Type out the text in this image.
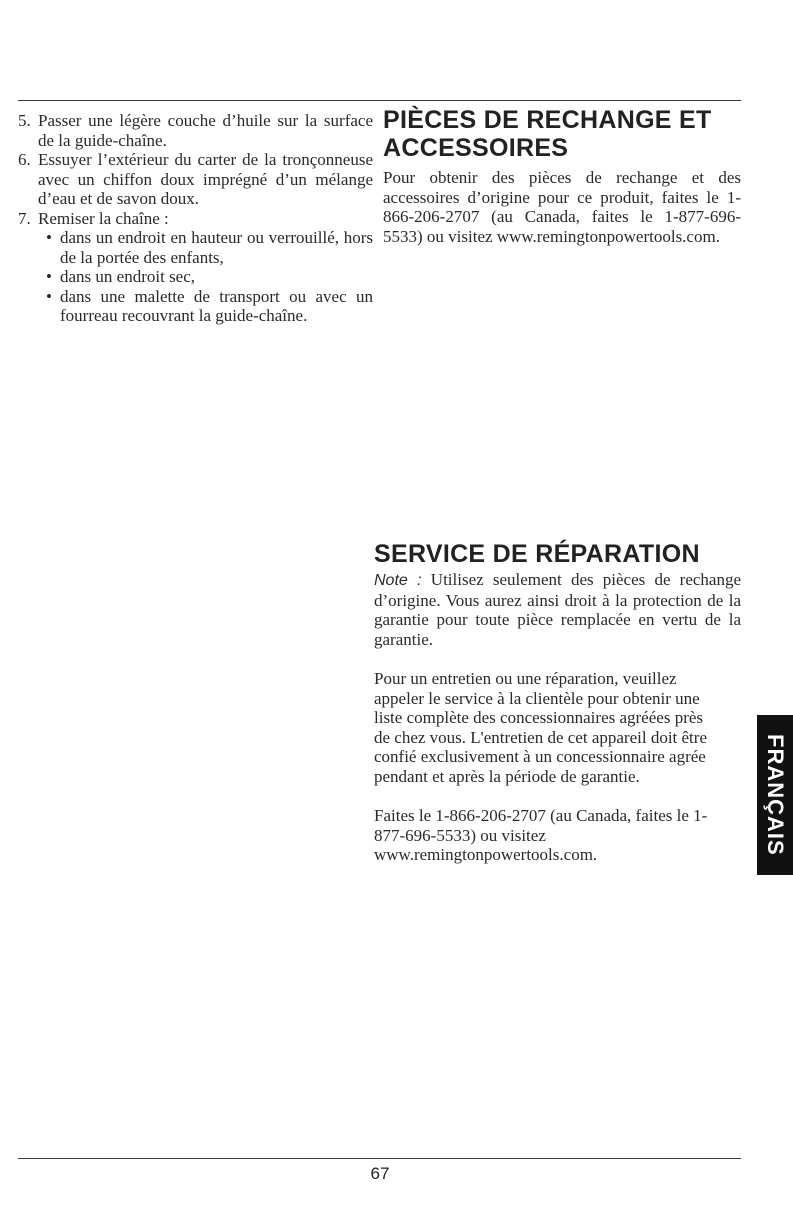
5. Passer une légère couche d’huile sur la surface de la guide-chaîne.
6. Essuyer l’extérieur du carter de la tronçonneuse avec un chiffon doux imprégné d’un mélange d’eau et de savon doux.
7. Remiser la chaîne :
• dans un endroit en hauteur ou verrouillé, hors de la portée des enfants,
• dans un endroit sec,
• dans une malette de transport ou avec un fourreau recouvrant la guide-chaîne.
PIÈCES DE RECHANGE ET
ACCESSOIRES

Pour obtenir des pièces de rechange et des accessoires d’origine pour ce produit, faites le 1-866-206-2707 (au Canada, faites le 1-877-696-5533) ou visitez www.remingtonpowertools.com.

SERVICE DE RÉPARATION

Note : Utilisez seulement des pièces de rechange d’origine. Vous aurez ainsi droit à la protection de la garantie pour toute pièce remplacée en vertu de la garantie.

Pour un entretien ou une réparation, veuillez appeler le service à la clientèle pour obtenir une liste complète des concessionnaires agréées près de chez vous. L'entretien de cet appareil doit être confié exclusivement à un concessionnaire agrée pendant et après la période de garantie.

Faites le 1-866-206-2707 (au Canada, faites le 1-877-696-5533) ou visitez www.remingtonpowertools.com.	FRANÇAIS
67
